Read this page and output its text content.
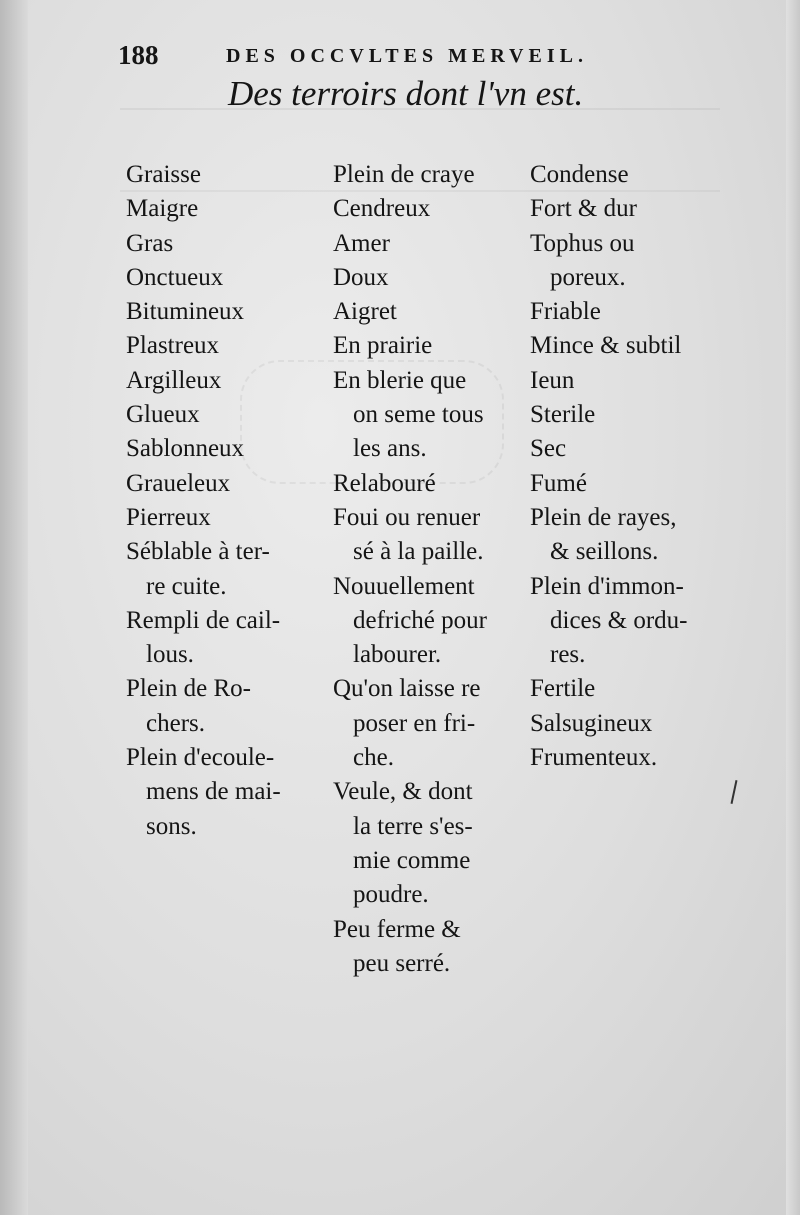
188	DES OCCVLTES MERVEIL.
Des terroirs dont l'vn est.
Graisse
Maigre
Gras
Onctueux
Bitumineux
Plastreux
Argilleux
Glueux
Sablonneux
Graueleux
Pierreux
Séblable à ter-
re cuite.
Rempli de cail-
lous.
Plein de Ro-
chers.
Plein d'ecoule-
mens de mai-
sons.
Plein de craye
Cendreux
Amer
Doux
Aigret
En prairie
En blerie que
on seme tous
les ans.
Relabouré
Foui ou renuer
sé à la paille.
Nouuellement
defriché pour
labourer.
Qu'on laisse re
poser en fri-
che.
Veule, & dont
la terre s'es-
mie comme
poudre.
Peu ferme &
peu serré.
Condense
Fort & dur
Tophus ou
poreux.
Friable
Mince & subtil
Ieun
Sterile
Sec
Fumé
Plein de rayes,
& seillons.
Plein d'immon-
dices & ordu-
res.
Fertile
Salsugineux
Frumenteux.
